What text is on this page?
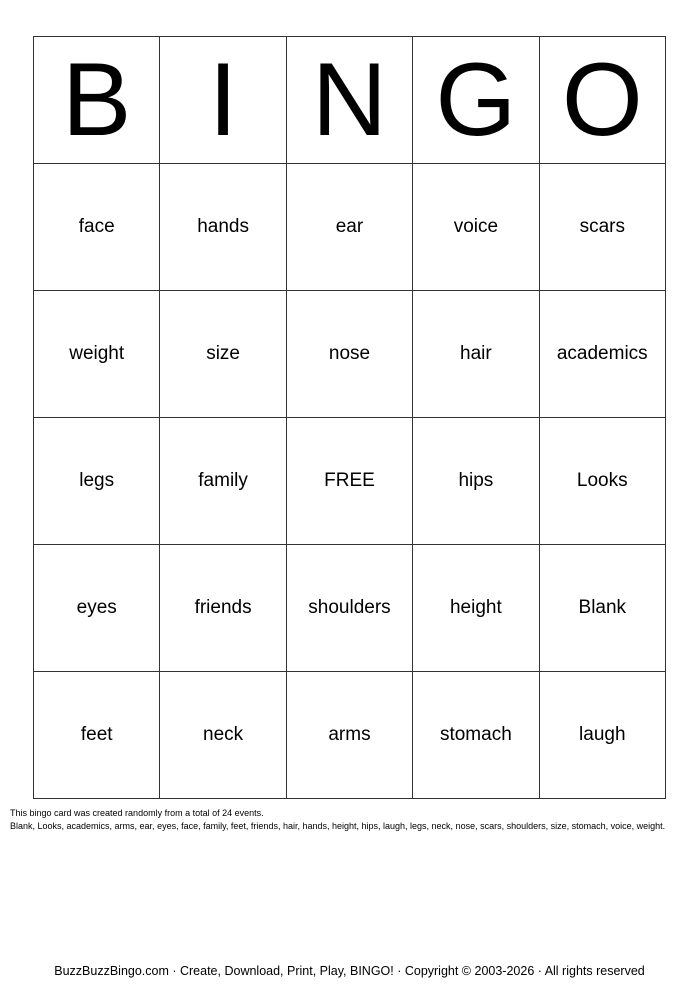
B	I	N	G	O
face	hands	ear	voice	scars
weight	size	nose	hair	academics
legs	family	FREE	hips	Looks
eyes	friends	shoulders	height	Blank
feet	neck	arms	stomach	laugh
This bingo card was created randomly from a total of 24 events.
Blank, Looks, academics, arms, ear, eyes, face, family, feet, friends, hair, hands, height, hips, laugh, legs, neck, nose, scars, shoulders, size, stomach, voice, weight.
BuzzBuzzBingo.com · Create, Download, Print, Play, BINGO! · Copyright © 2003-2026 · All rights reserved
